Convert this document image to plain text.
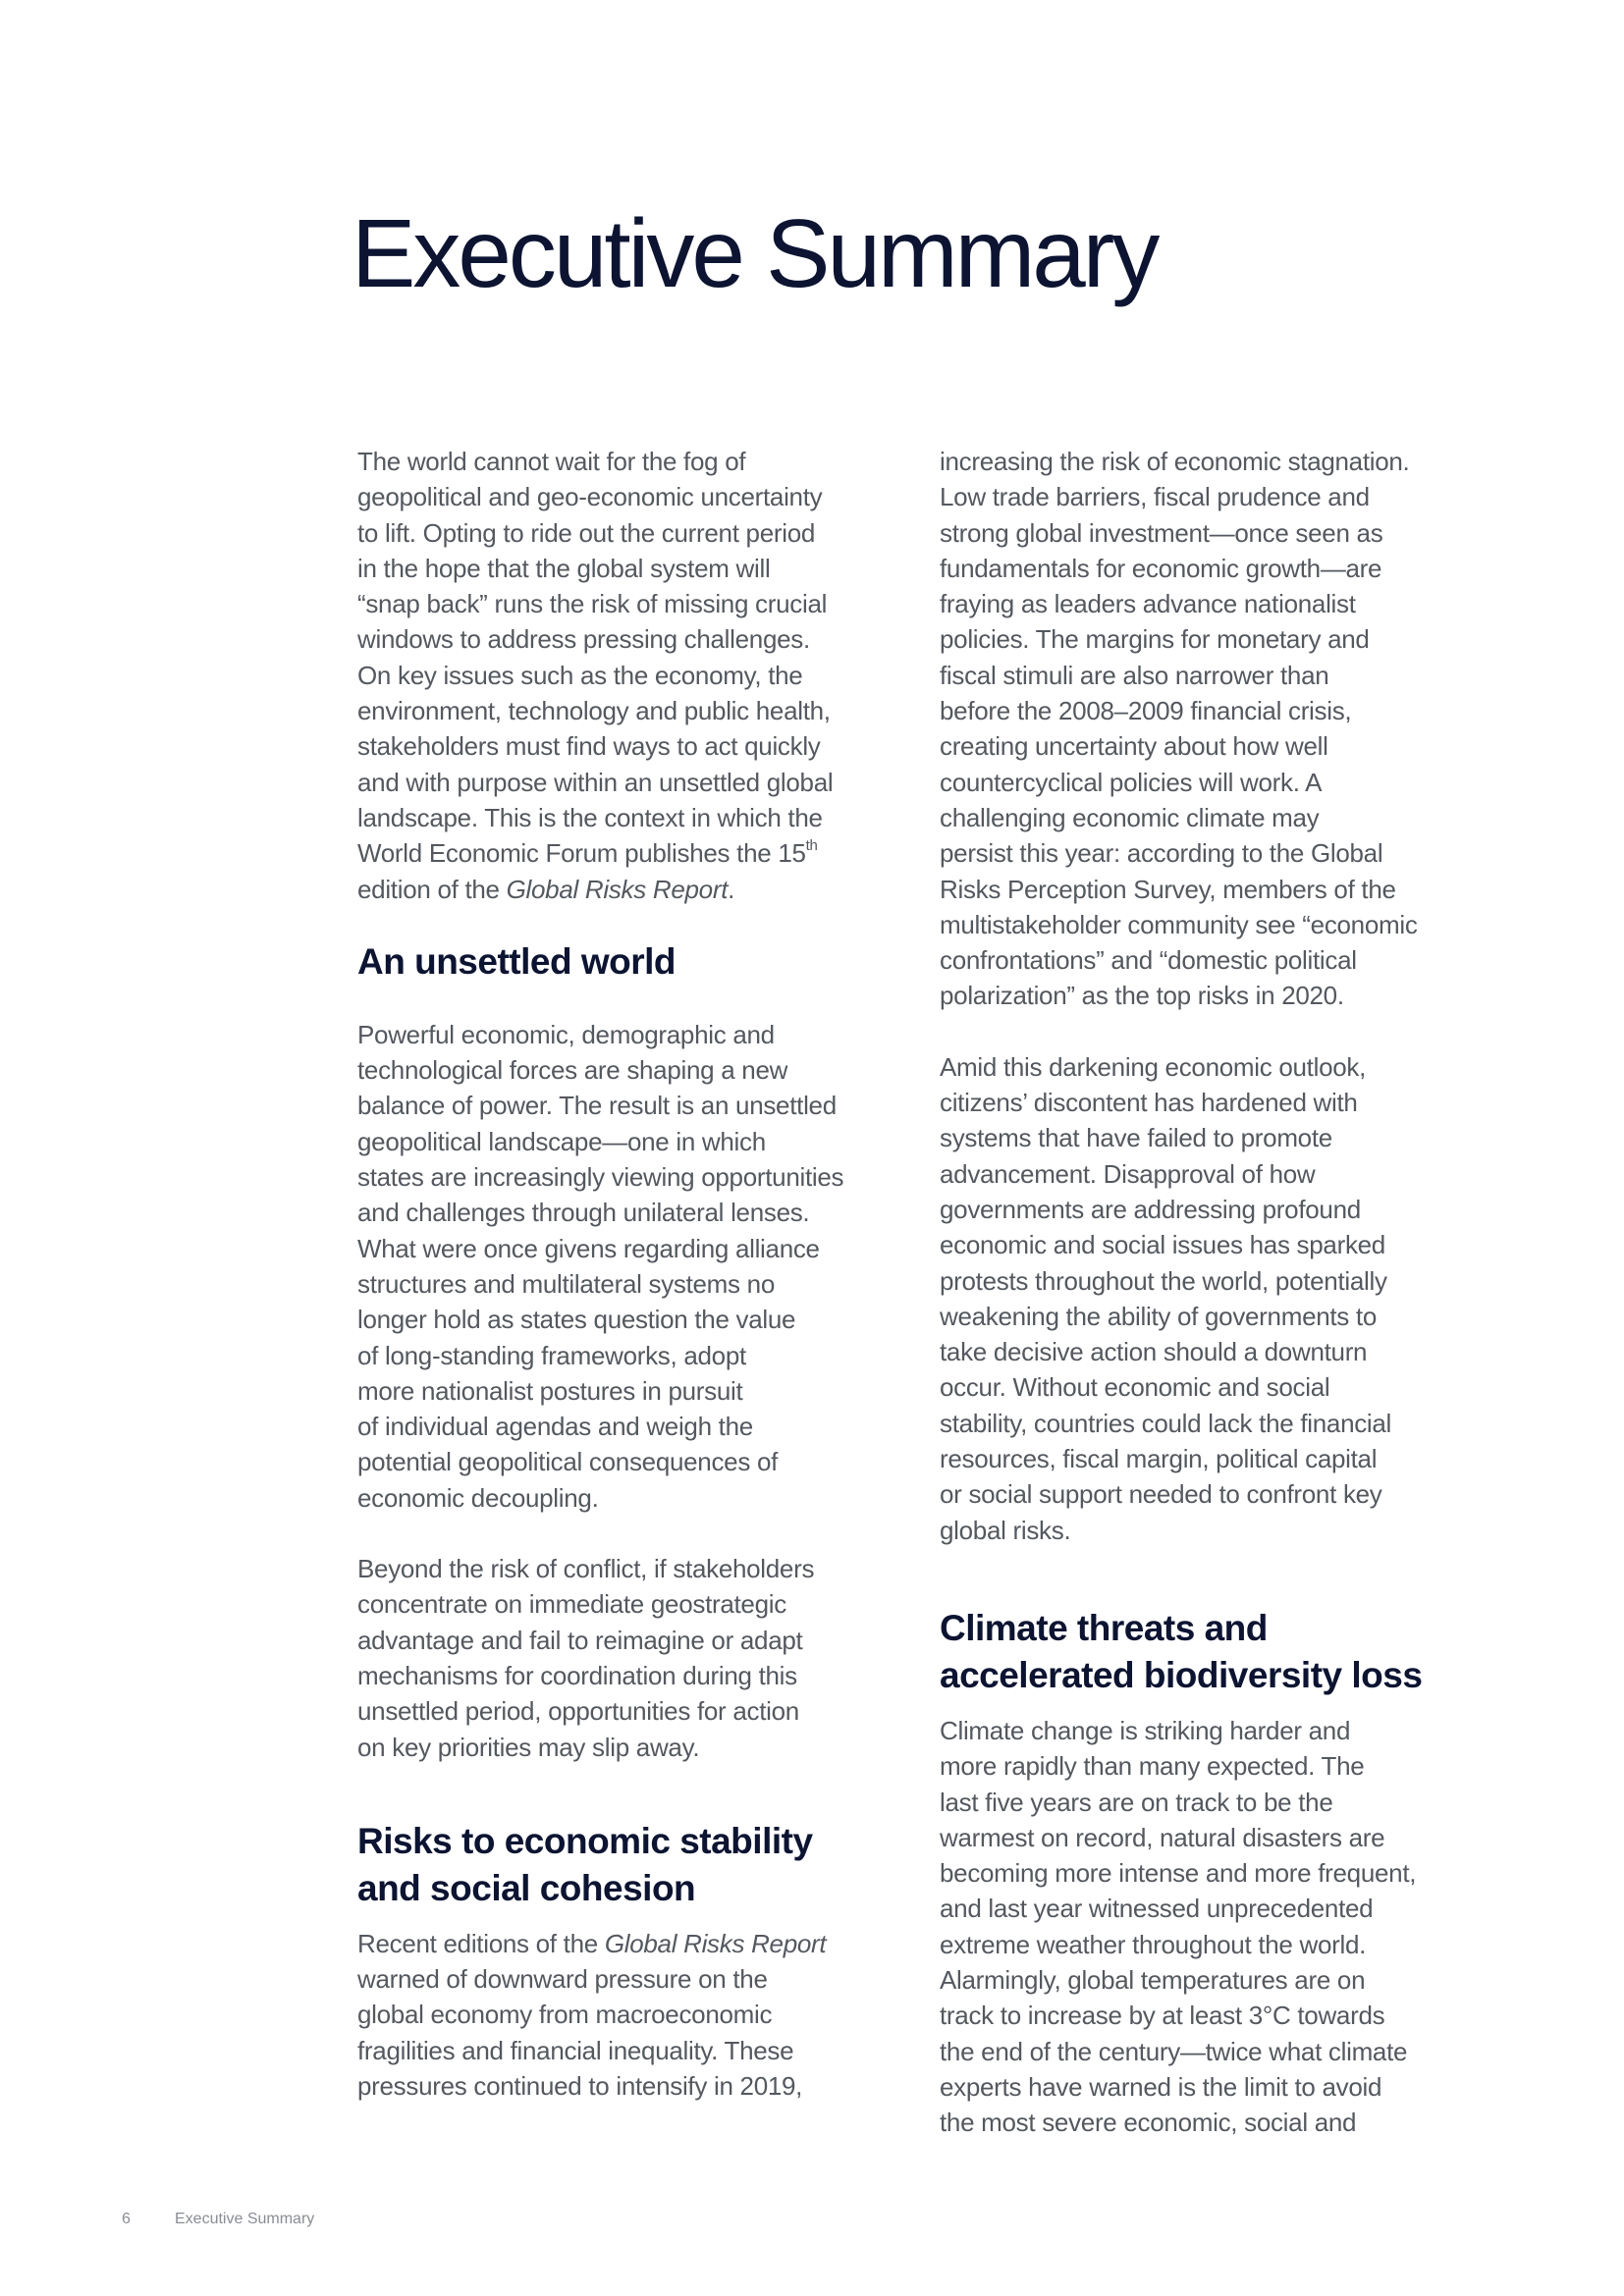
Executive Summary
The world cannot wait for the fog of
geopolitical and geo-economic uncertainty
to lift. Opting to ride out the current period
in the hope that the global system will
“snap back” runs the risk of missing crucial
windows to address pressing challenges.
On key issues such as the economy, the
environment, technology and public health,
stakeholders must find ways to act quickly
and with purpose within an unsettled global
landscape. This is the context in which the
World Economic Forum publishes the 15th
edition of the Global Risks Report.
An unsettled world
Powerful economic, demographic and
technological forces are shaping a new
balance of power. The result is an unsettled
geopolitical landscape—one in which
states are increasingly viewing opportunities
and challenges through unilateral lenses.
What were once givens regarding alliance
structures and multilateral systems no
longer hold as states question the value
of long-standing frameworks, adopt
more nationalist postures in pursuit
of individual agendas and weigh the
potential geopolitical consequences of
economic decoupling.
Beyond the risk of conflict, if stakeholders
concentrate on immediate geostrategic
advantage and fail to reimagine or adapt
mechanisms for coordination during this
unsettled period, opportunities for action
on key priorities may slip away.
Risks to economic stability
and social cohesion
Recent editions of the Global Risks Report
warned of downward pressure on the
global economy from macroeconomic
fragilities and financial inequality. These
pressures continued to intensify in 2019,
increasing the risk of economic stagnation.
Low trade barriers, fiscal prudence and
strong global investment—once seen as
fundamentals for economic growth—are
fraying as leaders advance nationalist
policies. The margins for monetary and
fiscal stimuli are also narrower than
before the 2008–2009 financial crisis,
creating uncertainty about how well
countercyclical policies will work. A
challenging economic climate may
persist this year: according to the Global
Risks Perception Survey, members of the
multistakeholder community see “economic
confrontations” and “domestic political
polarization” as the top risks in 2020.
Amid this darkening economic outlook,
citizens’ discontent has hardened with
systems that have failed to promote
advancement. Disapproval of how
governments are addressing profound
economic and social issues has sparked
protests throughout the world, potentially
weakening the ability of governments to
take decisive action should a downturn
occur. Without economic and social
stability, countries could lack the financial
resources, fiscal margin, political capital
or social support needed to confront key
global risks.
Climate threats and
accelerated biodiversity loss
Climate change is striking harder and
more rapidly than many expected. The
last five years are on track to be the
warmest on record, natural disasters are
becoming more intense and more frequent,
and last year witnessed unprecedented
extreme weather throughout the world.
Alarmingly, global temperatures are on
track to increase by at least 3°C towards
the end of the century—twice what climate
experts have warned is the limit to avoid
the most severe economic, social and
6	Executive Summary
